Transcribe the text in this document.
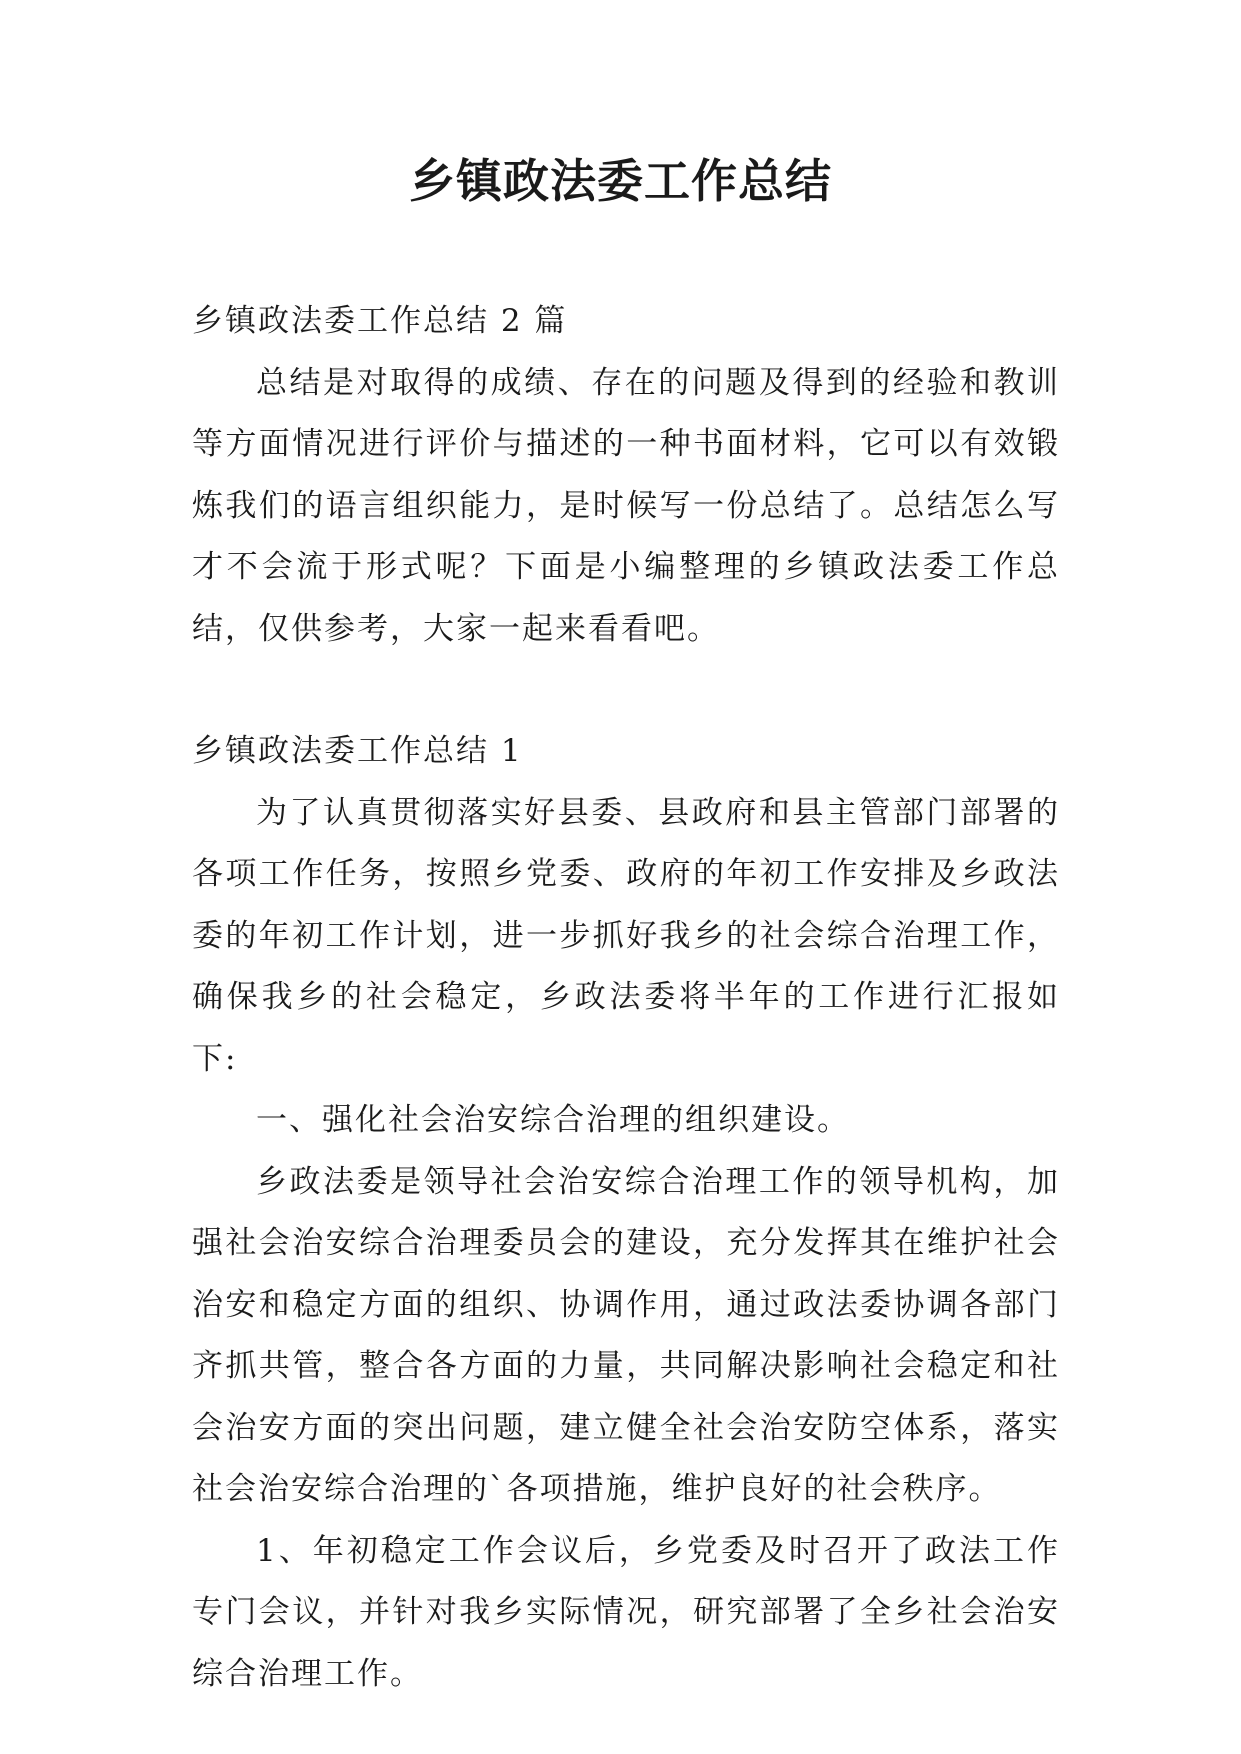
乡镇政法委工作总结

乡镇政法委工作总结 2 篇

总结是对取得的成绩、存在的问题及得到的经验和教训等方面情况进行评价与描述的一种书面材料，它可以有效锻炼我们的语言组织能力，是时候写一份总结了。总结怎么写才不会流于形式呢？下面是小编整理的乡镇政法委工作总结，仅供参考，大家一起来看看吧。

乡镇政法委工作总结 1

为了认真贯彻落实好县委、县政府和县主管部门部署的各项工作任务，按照乡党委、政府的年初工作安排及乡政法委的年初工作计划，进一步抓好我乡的社会综合治理工作，确保我乡的社会稳定，乡政法委将半年的工作进行汇报如下:

一、强化社会治安综合治理的组织建设。

乡政法委是领导社会治安综合治理工作的领导机构，加强社会治安综合治理委员会的建设，充分发挥其在维护社会治安和稳定方面的组织、协调作用，通过政法委协调各部门齐抓共管，整合各方面的力量，共同解决影响社会稳定和社会治安方面的突出问题，建立健全社会治安防空体系，落实社会治安综合治理的`各项措施，维护良好的社会秩序。

1、年初稳定工作会议后，乡党委及时召开了政法工作专门会议，并针对我乡实际情况，研究部署了全乡社会治安综合治理工作。
